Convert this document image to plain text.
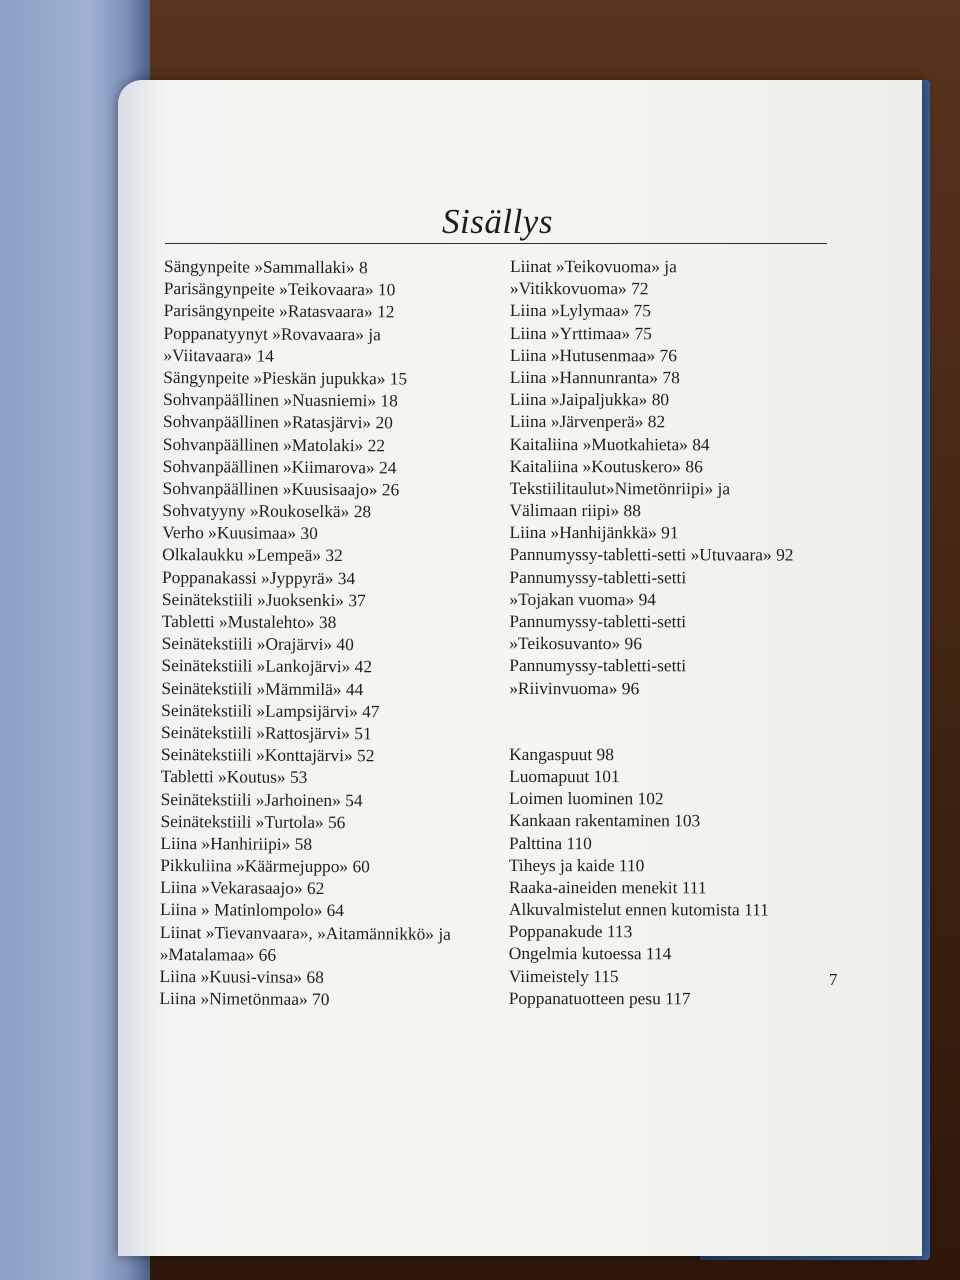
Sisällys
Sängynpeite »Sammallaki» 8
Parisängynpeite »Teikovaara» 10
Parisängynpeite »Ratasvaara» 12
Poppanatyynyt »Rovavaara» ja
»Viitavaara» 14
Sängynpeite »Pieskän jupukka» 15
Sohvanpäällinen »Nuasniemi» 18
Sohvanpäällinen »Ratasjärvi» 20
Sohvanpäällinen »Matolaki» 22
Sohvanpäällinen »Kiimarova» 24
Sohvanpäällinen »Kuusisaajo» 26
Sohvatyyny »Roukoselkä» 28
Verho »Kuusimaa» 30
Olkalaukku »Lempeä» 32
Poppanakassi »Jyppyrä» 34
Seinätekstiili »Juoksenki» 37
Tabletti »Mustalehto» 38
Seinätekstiili »Orajärvi» 40
Seinätekstiili »Lankojärvi» 42
Seinätekstiili »Mämmilä» 44
Seinätekstiili »Lampsijärvi» 47
Seinätekstiili »Rattosjärvi» 51
Seinätekstiili »Konttajärvi» 52
Tabletti »Koutus» 53
Seinätekstiili »Jarhoinen» 54
Seinätekstiili »Turtola» 56
Liina »Hanhiriipi» 58
Pikkuliina »Käärmejuppo» 60
Liina »Vekarasaajo» 62
Liina » Matinlompolo» 64
Liinat »Tievanvaara», »Aitamännikkö» ja
»Matalamaa» 66
Liina »Kuusi-vinsa» 68
Liina »Nimetönmaa» 70
Liinat »Teikovuoma» ja
»Vitikkovuoma» 72
Liina »Lylymaa» 75
Liina »Yrttimaa» 75
Liina »Hutusenmaa» 76
Liina »Hannunranta» 78
Liina »Jaipaljukka» 80
Liina »Järvenperä» 82
Kaitaliina »Muotkahieta» 84
Kaitaliina »Koutuskero» 86
Tekstiilitaulut»Nimetönriipi» ja
Välimaan riipi» 88
Liina »Hanhijänkkä» 91
Pannumyssy-tabletti-setti »Utuvaara» 92
Pannumyssy-tabletti-setti
»Tojakan vuoma» 94
Pannumyssy-tabletti-setti
»Teikosuvanto» 96
Pannumyssy-tabletti-setti
»Riivinvuoma» 96
Kangaspuut 98
Luomapuut 101
Loimen luominen 102
Kankaan rakentaminen 103
Palttina 110
Tiheys ja kaide 110
Raaka-aineiden menekit 111
Alkuvalmistelut ennen kutomista 111
Poppanakude 113
Ongelmia kutoessa 114
Viimeistely 115
Poppanatuotteen pesu 117
7
